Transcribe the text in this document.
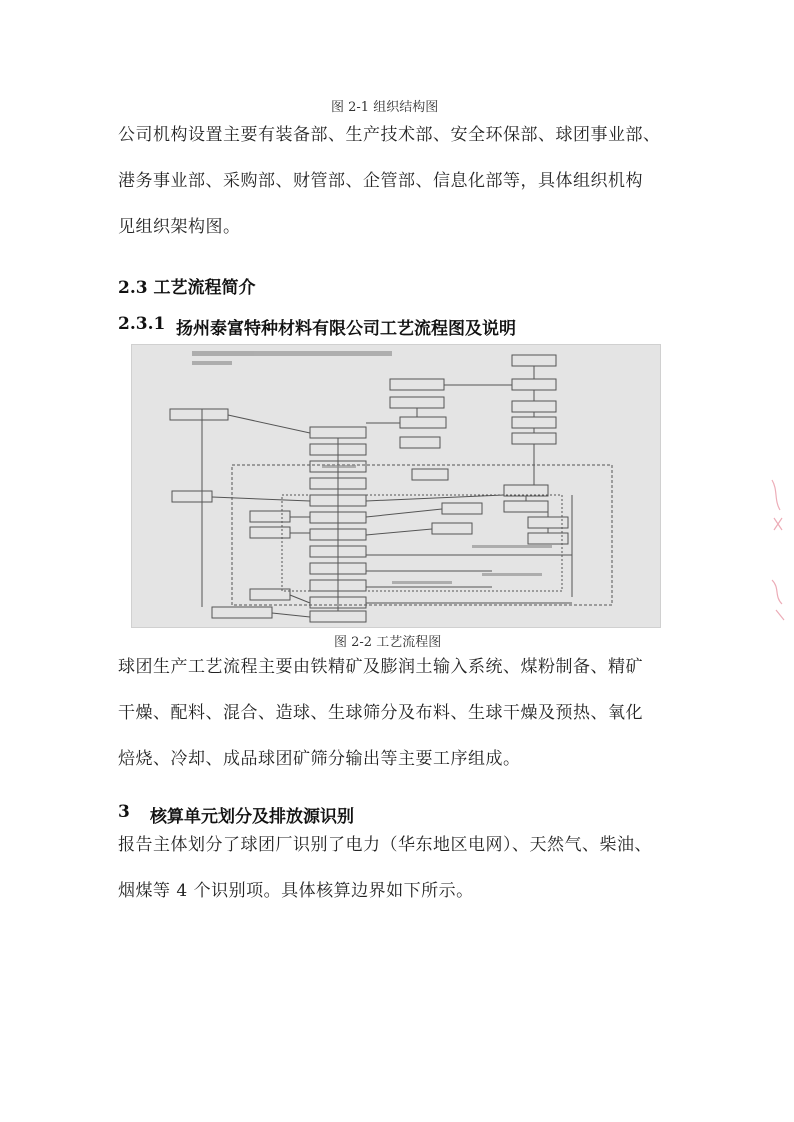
图 2-1 组织结构图
公司机构设置主要有装备部、生产技术部、安全环保部、球团事业部、
港务事业部、采购部、财管部、企管部、信息化部等，具体组织机构
见组织架构图。
2.3 工艺流程简介
2.3.1 扬州泰富特种材料有限公司工艺流程图及说明
图 2-2 工艺流程图
球团生产工艺流程主要由铁精矿及膨润土输入系统、煤粉制备、精矿
干燥、配料、混合、造球、生球筛分及布料、生球干燥及预热、氧化
焙烧、冷却、成品球团矿筛分输出等主要工序组成。
3 核算单元划分及排放源识别
报告主体划分了球团厂识别了电力（华东地区电网）、天然气、柴油、
烟煤等 4 个识别项。具体核算边界如下所示。
